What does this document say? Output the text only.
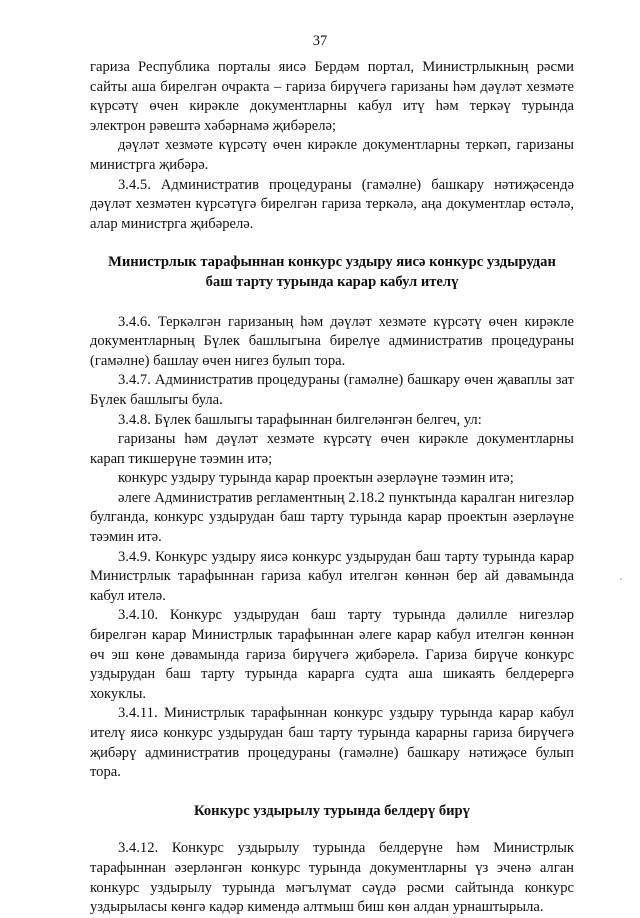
37

гариза Республика порталы яисә Бердәм портал, Министрлыкның рәсми сайты аша бирелгән очракта – гариза бирүчегә гаризаны һәм дәүләт хезмәте күрсәтү өчен кирәкле документларны кабул итү һәм теркәү турында электрон рәвештә хәбәрнамә җибәрелә;

дәүләт хезмәте күрсәтү өчен кирәкле документларны теркәп, гаризаны министрга җибәрә.

3.4.5. Административ процедураны (гамәлне) башкару нәтиҗәсендә дәүләт хезмәтен күрсәтүгә бирелгән гариза теркәлә, аңа документлар өстәлә, алар министрга җибәрелә.

Министрлык тарафыннан конкурс уздыру яисә конкурс уздырудан баш тарту турында карар кабул ителү

3.4.6. Теркәлгән гаризаның һәм дәүләт хезмәте күрсәтү өчен кирәкле документларның Бүлек башлыгына бирелүе административ процедураны (гамәлне) башлау өчен нигез булып тора.

3.4.7. Административ процедураны (гамәлне) башкару өчен җаваплы зат Бүлек башлыгы була.

3.4.8. Бүлек башлыгы тарафыннан билгеләнгән белгеч, ул:

гаризаны һәм дәүләт хезмәте күрсәтү өчен кирәкле документларны карап тикшерүне тәэмин итә;

конкурс уздыру турында карар проектын әзерләүне тәэмин итә;

әлеге Административ регламентның 2.18.2 пунктында каралган нигезләр булганда, конкурс уздырудан баш тарту турында карар проектын әзерләүне тәэмин итә.

3.4.9. Конкурс уздыру яисә конкурс уздырудан баш тарту турында карар Министрлык тарафыннан гариза кабул ителгән көннән бер ай дәвамында кабул ителә.

3.4.10. Конкурс уздырудан баш тарту турында дәлилле нигезләр бирелгән карар Министрлык тарафыннан әлеге карар кабул ителгән көннән өч эш көне дәвамында гариза бирүчегә җибәрелә. Гариза бирүче конкурс уздырудан баш тарту турында карарга судта аша шикаять белдерергә хокуклы.

3.4.11. Министрлык тарафыннан конкурс уздыру турында карар кабул ителү яисә конкурс уздырудан баш тарту турында карарны гариза бирүчегә җибәрү административ процедураны (гамәлне) башкару нәтиҗәсе булып тора.

Конкурс уздырылу турында белдерү бирү

3.4.12. Конкурс уздырылу турында белдерүне һәм Министрлык тарафыннан әзерләнгән конкурс турында документларны үз эченә алган конкурс уздырылу турында мәгълүмат сәүдә рәсми сайтында конкурс уздырыласы көнгә кадәр кимендә алтмыш биш көн алдан урнаштырыла.
